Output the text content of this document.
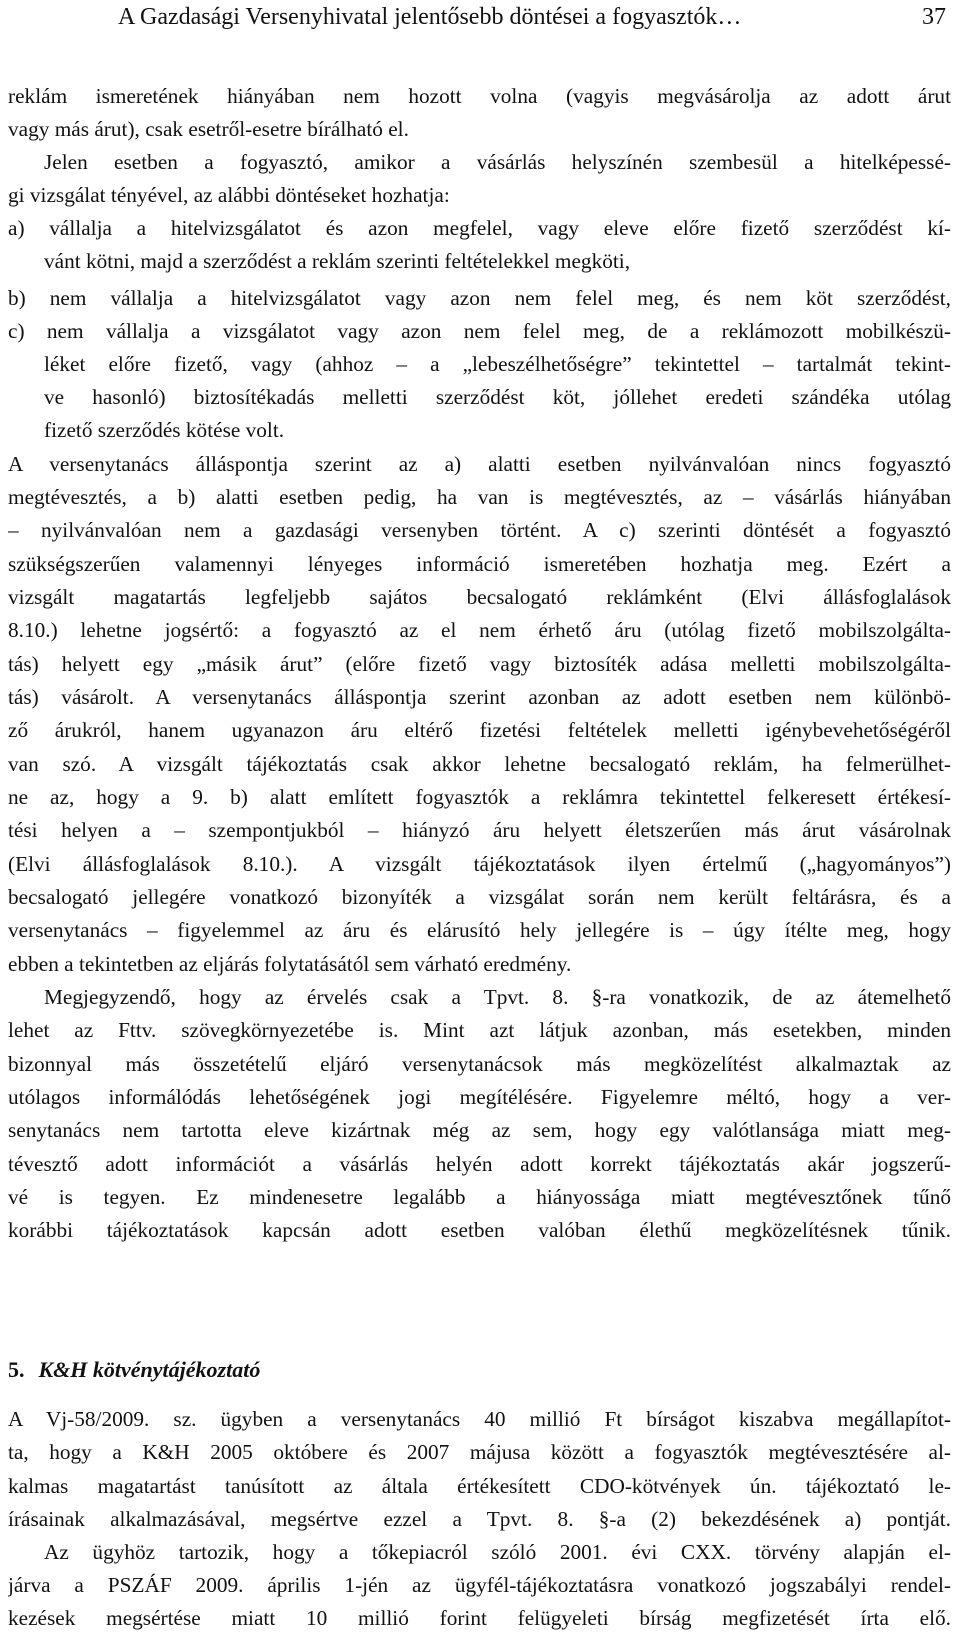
A Gazdasági Versenyhivatal jelentősebb döntései a fogyasztók…	37
reklám ismeretének hiányában nem hozott volna (vagyis megvásárolja az adott árut
vagy más árut), csak esetről-esetre bírálható el.
Jelen esetben a fogyasztó, amikor a vásárlás helyszínén szembesül a hitelképessé-
gi vizsgálat tényével, az alábbi döntéseket hozhatja:
a) vállalja a hitelvizsgálatot és azon megfelel, vagy eleve előre fizető szerződést kí-
vánt kötni, majd a szerződést a reklám szerinti feltételekkel megköti,
b) nem vállalja a hitelvizsgálatot vagy azon nem felel meg, és nem köt szerződést,
c) nem vállalja a vizsgálatot vagy azon nem felel meg, de a reklámozott mobilkészü-
léket előre fizető, vagy (ahhoz – a „lebeszélhetőségre” tekintettel – tartalmát tekint-
ve hasonló) biztosítékadás melletti szerződést köt, jóllehet eredeti szándéka utólag
fizető szerződés kötése volt.
A versenytanács álláspontja szerint az a) alatti esetben nyilvánvalóan nincs fogyasztó
megtévesztés, a b) alatti esetben pedig, ha van is megtévesztés, az – vásárlás hiányában
– nyilvánvalóan nem a gazdasági versenyben történt. A c) szerinti döntését a fogyasztó
szükségszerűen valamennyi lényeges információ ismeretében hozhatja meg. Ezért a
vizsgált magatartás legfeljebb sajátos becsalogató reklámként (Elvi állásfoglalások
8.10.) lehetne jogsértő: a fogyasztó az el nem érhető áru (utólag fizető mobilszolgálta-
tás) helyett egy „másik árut” (előre fizető vagy biztosíték adása melletti mobilszolgálta-
tás) vásárolt. A versenytanács álláspontja szerint azonban az adott esetben nem különbö-
ző árukról, hanem ugyanazon áru eltérő fizetési feltételek melletti igénybevehetőségéről
van szó. A vizsgált tájékoztatás csak akkor lehetne becsalogató reklám, ha felmerülhet-
ne az, hogy a 9. b) alatt említett fogyasztók a reklámra tekintettel felkeresett értékesí-
tési helyen a – szempontjukból – hiányzó áru helyett életszerűen más árut vásárolnak
(Elvi állásfoglalások 8.10.). A vizsgált tájékoztatások ilyen értelmű („hagyományos”)
becsalogató jellegére vonatkozó bizonyíték a vizsgálat során nem került feltárásra, és a
versenytanács – figyelemmel az áru és elárusító hely jellegére is – úgy ítélte meg, hogy
ebben a tekintetben az eljárás folytatásától sem várható eredmény.
Megjegyzendő, hogy az érvelés csak a Tpvt. 8. §-ra vonatkozik, de az átemelhető
lehet az Fttv. szövegkörnyezetébe is. Mint azt látjuk azonban, más esetekben, minden
bizonnyal más összetételű eljáró versenytanácsok más megközelítést alkalmaztak az
utólagos informálódás lehetőségének jogi megítélésére. Figyelemre méltó, hogy a ver-
senytanács nem tartotta eleve kizártnak még az sem, hogy egy valótlansága miatt meg-
tévesztő adott információt a vásárlás helyén adott korrekt tájékoztatás akár jogszerű-
vé is tegyen. Ez mindenesetre legalább a hiányossága miatt megtévesztőnek tűnő
korábbi tájékoztatások kapcsán adott esetben valóban élethű megközelítésnek tűnik.
5. K&H kötvénytájékoztató
A Vj-58/2009. sz. ügyben a versenytanács 40 millió Ft bírságot kiszabva megállapítot-
ta, hogy a K&H 2005 októbere és 2007 májusa között a fogyasztók megtévesztésére al-
kalmas magatartást tanúsított az általa értékesített CDO-kötvények ún. tájékoztató le-
írásainak alkalmazásával, megsértve ezzel a Tpvt. 8. §-a (2) bekezdésének a) pontját.
Az ügyhöz tartozik, hogy a tőkepiacról szóló 2001. évi CXX. törvény alapján el-
járva a PSZÁF 2009. április 1-jén az ügyfél-tájékoztatásra vonatkozó jogszabályi rendel-
kezések megsértése miatt 10 millió forint felügyeleti bírság megfizetését írta elő.
